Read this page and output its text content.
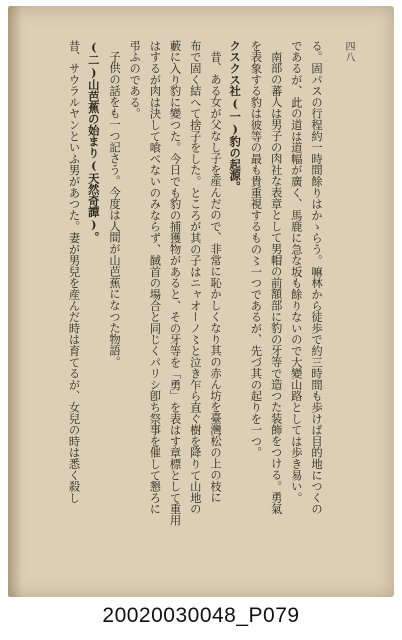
四八

る。固パスの行程約一時間餘りはかゝらう。嘛林から徒歩で約三時間も歩けば目的地につくの

であるが、此の道は道幅が廣く、馬鹿に急な坂も餘りないので大變山路としては歩き易い。

南部の蕃人は男子の肉社な表章として男帽の前額部に豹の牙等で造つた装飾をつける。勇氣

を表象する豹は彼等の最も貴重視するもの〻一つであるが、先づ其の起りを一つ。

クスクス社(一)豹の起源。

昔、ある女が父なし子を産んだので、非常に恥かしくなり其の赤ん坊を臺灣松の上の枝に

布で固く結へて捨子をした。ところが其の子はニャオーノ〻と泣き乍ら直ぐ樹を降りて山地の

藪に入り豹に變つた。今日でも豹の捕獲物があると、その牙等を「勇」を表はす章標として重用

はするが肉は決して喰べないのみならず、馘首の場合と同じくパリシ卽ち祭事を催して懇ろに

弔ふのである。

子供の話をも一つ記さう。今度は人間が山芭蕉になつた物語。

(二)山芭蕉の始まり(天然奇譚)。

昔、サウラルヤンといふ男があつた。妻が男兒を産んだ時は育てるが、女兒の時は悉く殺し

20020030048_P079
